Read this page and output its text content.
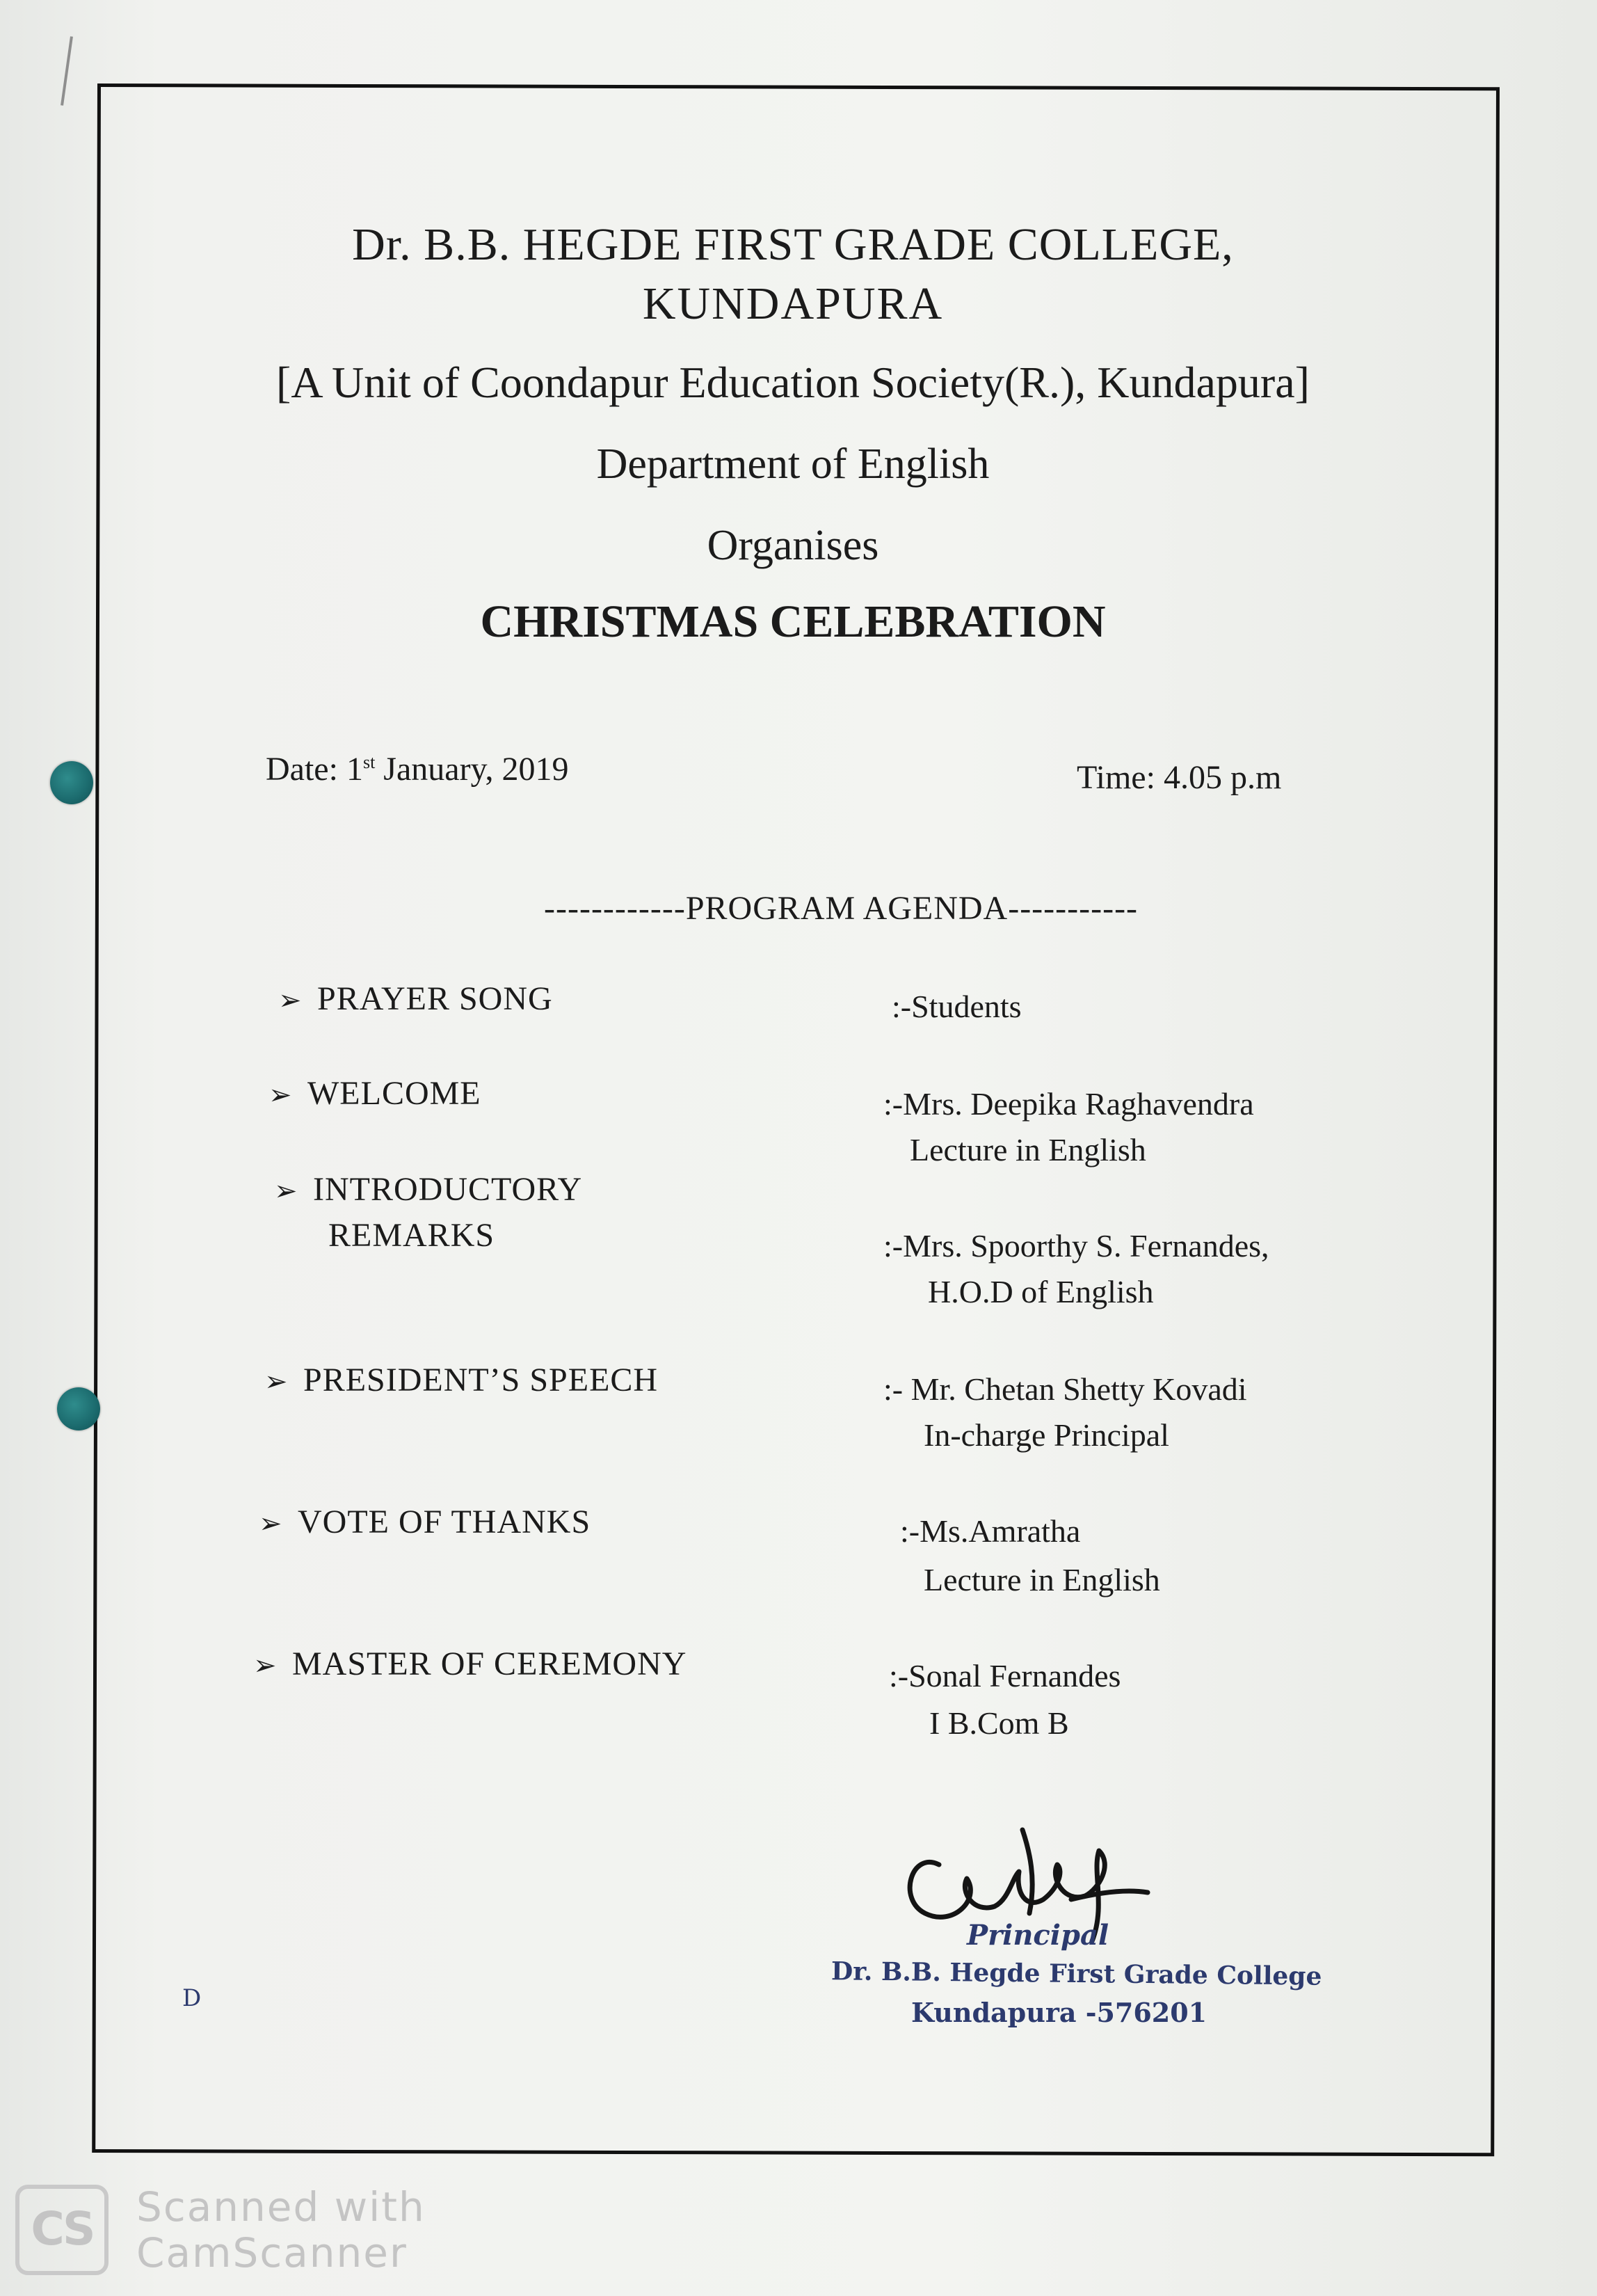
Dr. B.B. HEGDE FIRST GRADE COLLEGE,
KUNDAPURA
[A Unit of Coondapur Education Society(R.), Kundapura]
Department of English
Organises
CHRISTMAS CELEBRATION
Date: 1st January, 2019	Time: 4.05 p.m
------------PROGRAM AGENDA-----------
➢ PRAYER SONG	:-Students
➢ WELCOME	:-Mrs. Deepika Raghavendra
Lecture in English
➢ INTRODUCTORY
REMARKS	:-Mrs. Spoorthy S. Fernandes,
H.O.D of English
➢ PRESIDENT’S SPEECH	:- Mr. Chetan Shetty Kovadi
In-charge Principal
➢ VOTE OF THANKS	:-Ms.Amratha
Lecture in English
➢ MASTER OF CEREMONY	:-Sonal Fernandes
I B.Com B
Principal
Dr. B.B. Hegde First Grade College
Kundapura -576201
D
CS	Scanned with
CamScanner
